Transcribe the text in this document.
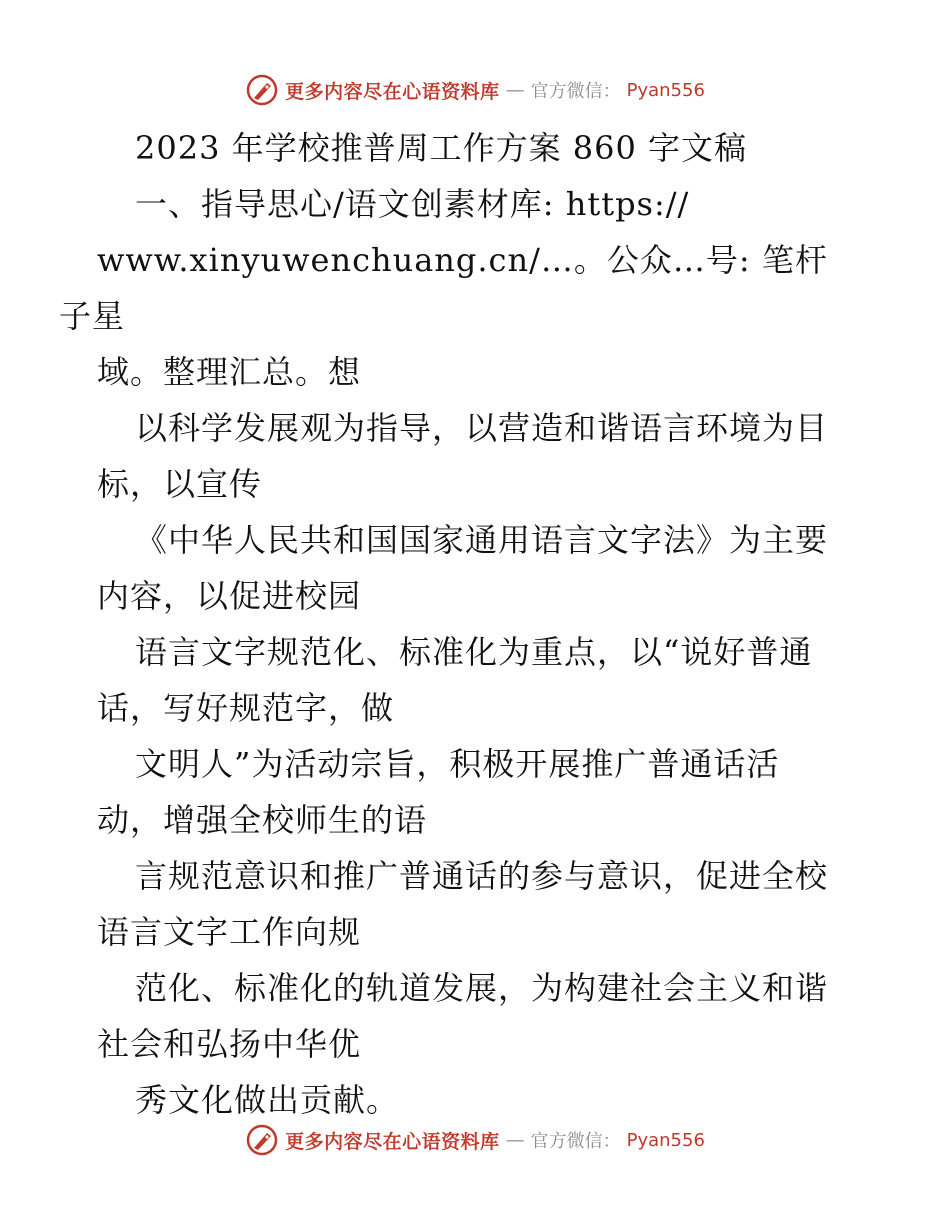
更多内容尽在心语资料库 — 官方微信： Pyan556

2023 年学校推普周工作方案 860 字文稿

一、指导思心/语文创素材库: https://
www.xinyuwenchuang.cn/…。公众…号: 笔杆子星
域。整理汇总。想

以科学发展观为指导，以营造和谐语言环境为目
标，以宣传

《中华人民共和国国家通用语言文字法》为主要
内容，以促进校园

语言文字规范化、标准化为重点，以“说好普通
话，写好规范字，做

文明人”为活动宗旨，积极开展推广普通话活
动，增强全校师生的语

言规范意识和推广普通话的参与意识，促进全校
语言文字工作向规

范化、标准化的轨道发展，为构建社会主义和谐
社会和弘扬中华优

秀文化做出贡献。

更多内容尽在心语资料库 — 官方微信： Pyan556
